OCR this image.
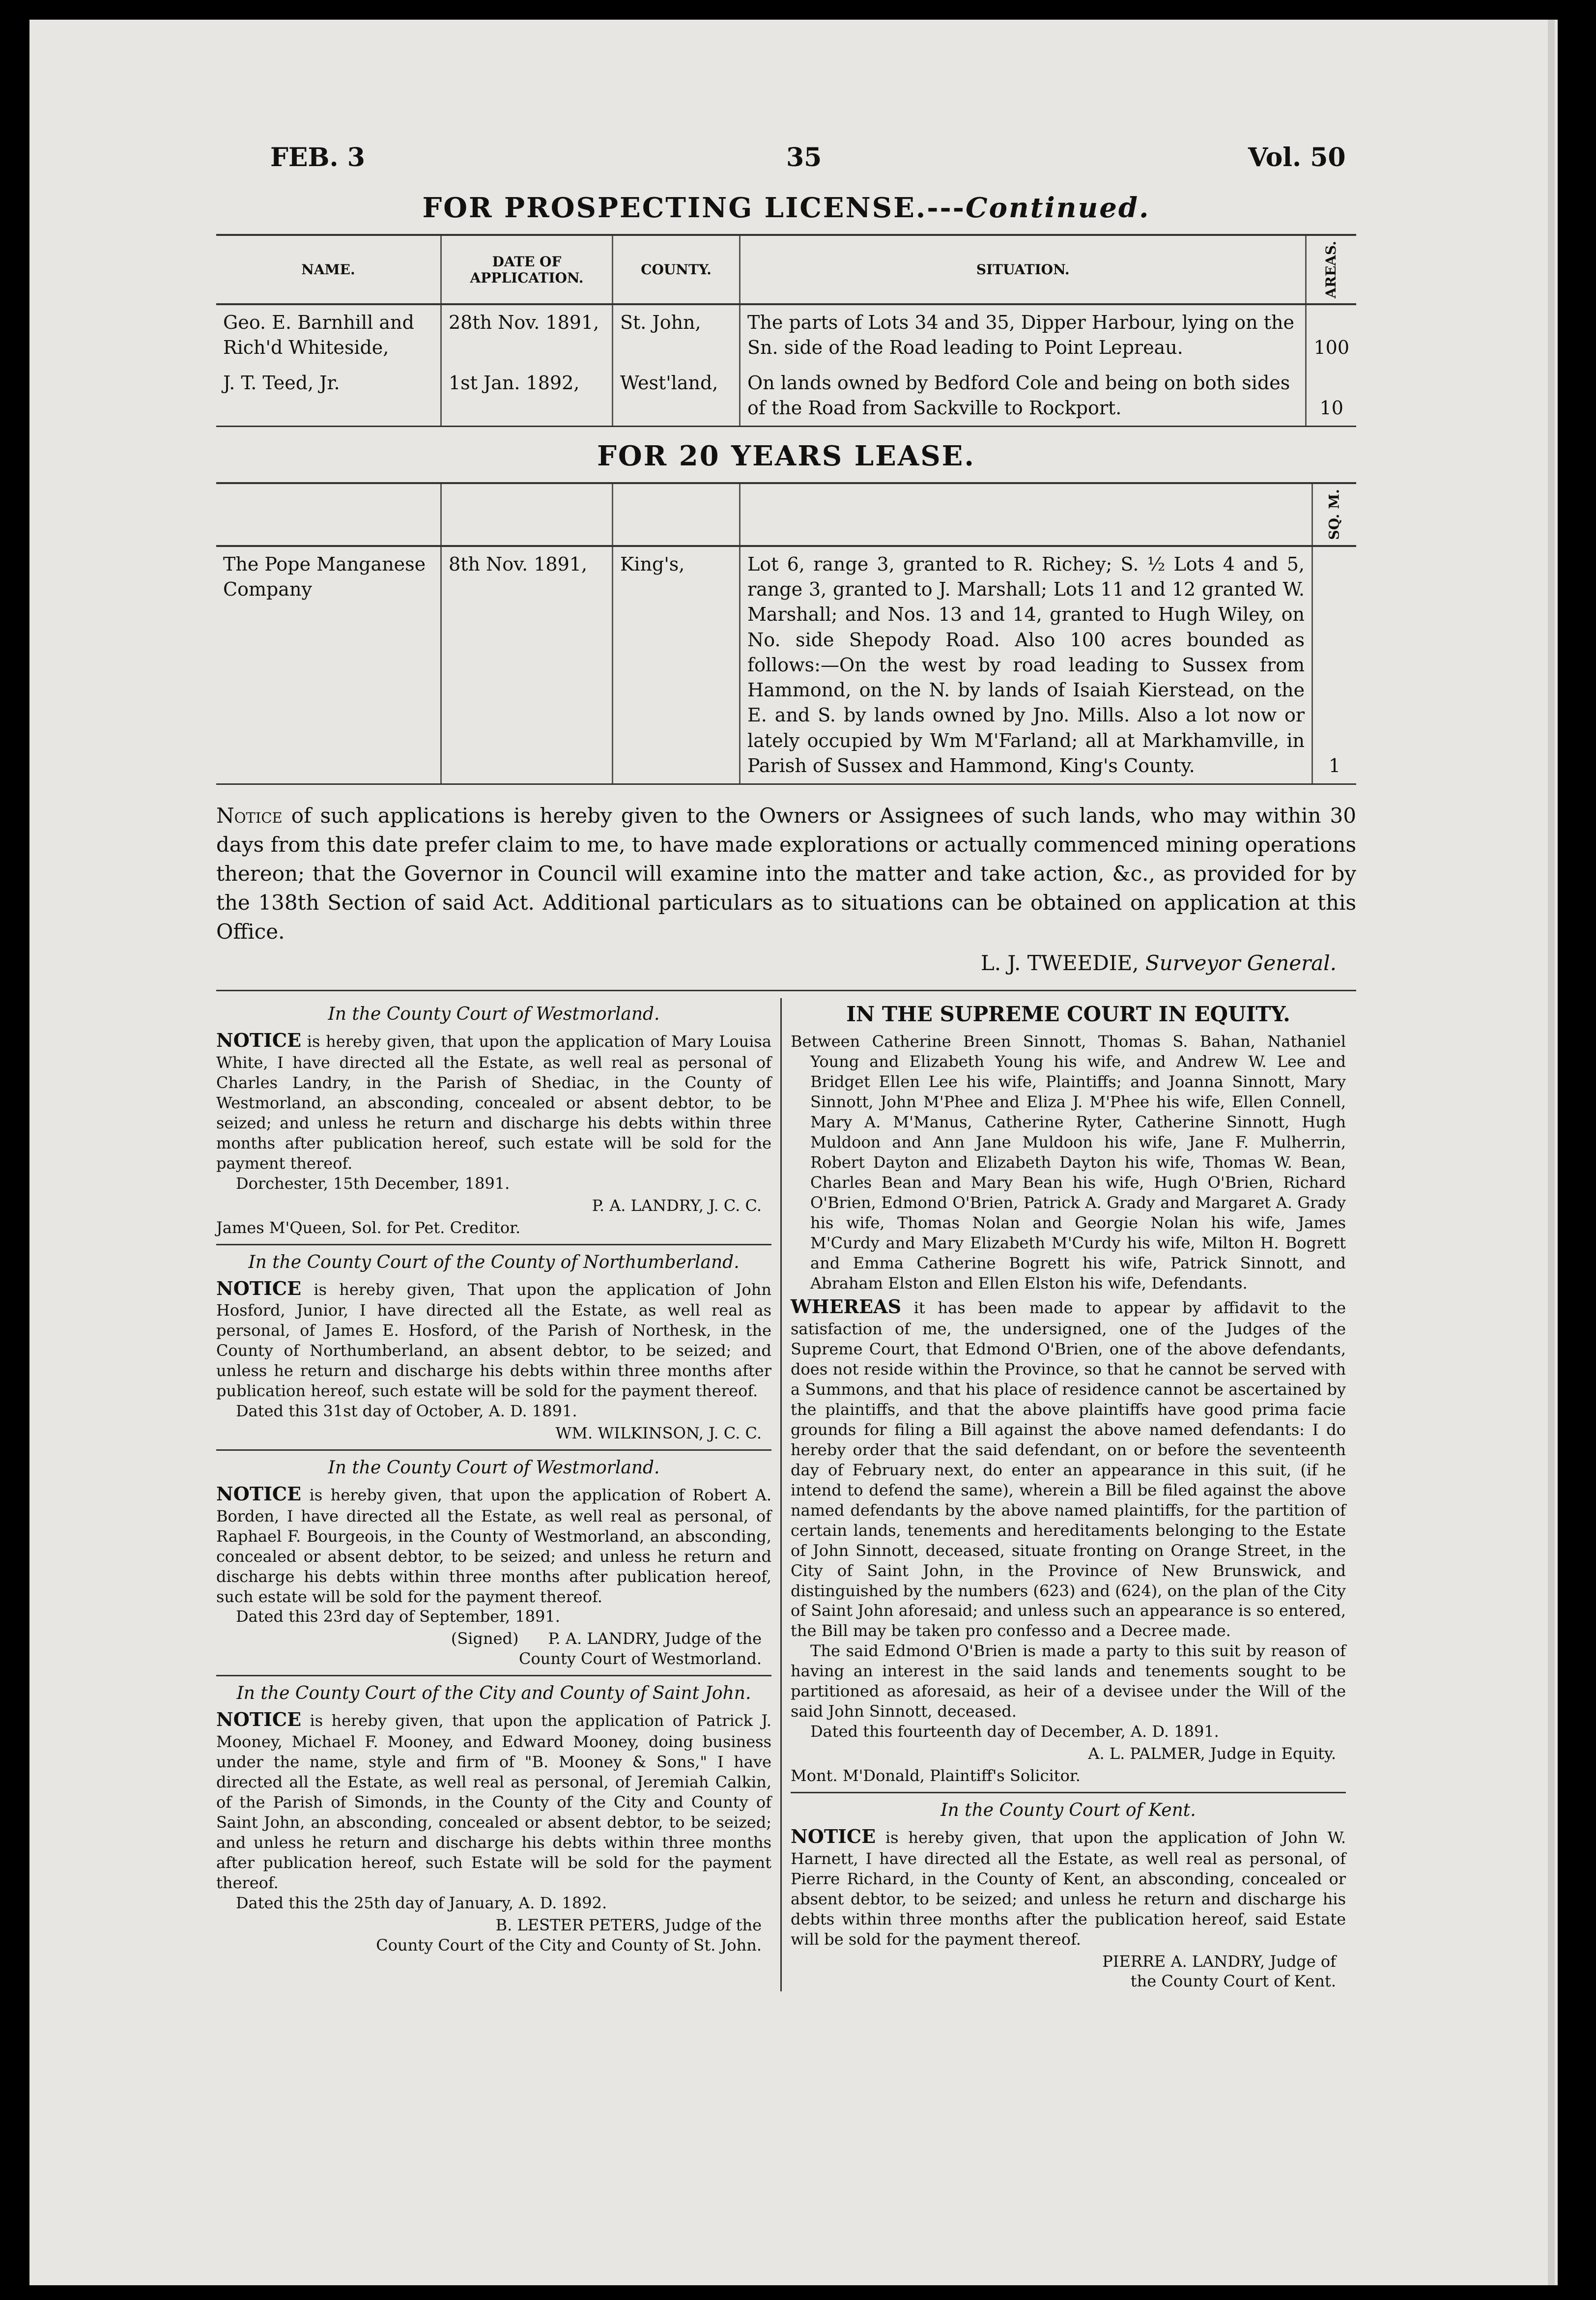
FEB. 3	35	Vol. 50
FOR PROSPECTING LICENSE.---Continued.
NAME.	DATE OF APPLICATION.	COUNTY.	SITUATION.	AREAS.
Geo. E. Barnhill and Rich'd Whiteside,	28th Nov. 1891,	St. John,	The parts of Lots 34 and 35, Dipper Harbour, lying on the Sn. side of the Road leading to Point Lepreau.	100
J. T. Teed, Jr.	1st Jan. 1892,	West'land,	On lands owned by Bedford Cole and being on both sides of the Road from Sackville to Rockport.	10
FOR 20 YEARS LEASE.
				SQ. M.
The Pope Manganese Company	8th Nov. 1891,	King's,	Lot 6, range 3, granted to R. Richey; S. ½ Lots 4 and 5, range 3, granted to J. Marshall; Lots 11 and 12 granted W. Marshall; and Nos. 13 and 14, granted to Hugh Wiley, on No. side Shepody Road. Also 100 acres bounded as follows:—On the west by road leading to Sussex from Hammond, on the N. by lands of Isaiah Kierstead, on the E. and S. by lands owned by Jno. Mills. Also a lot now or lately occupied by Wm M'Farland; all at Markhamville, in Parish of Sussex and Hammond, King's County.	1

Notice of such applications is hereby given to the Owners or Assignees of such lands, who may within 30 days from this date prefer claim to me, to have made explorations or actually commenced mining operations thereon; that the Governor in Council will examine into the matter and take action, &c., as provided for by the 138th Section of said Act. Additional particulars as to situations can be obtained on application at this Office.

L. J. TWEEDIE, Surveyor General.
In the County Court of Westmorland.

NOTICE is hereby given, that upon the application of Mary Louisa White, I have directed all the Estate, as well real as personal of Charles Landry, in the Parish of Shediac, in the County of Westmorland, an absconding, concealed or absent debtor, to be seized; and unless he return and discharge his debts within three months after publication hereof, such estate will be sold for the payment thereof.

Dorchester, 15th December, 1891.

P. A. LANDRY, J. C. C.

James M'Queen, Sol. for Pet. Creditor.

In the County Court of the County of Northumberland.

NOTICE is hereby given, That upon the application of John Hosford, Junior, I have directed all the Estate, as well real as personal, of James E. Hosford, of the Parish of Northesk, in the County of Northumberland, an absent debtor, to be seized; and unless he return and discharge his debts within three months after publication hereof, such estate will be sold for the payment thereof.

Dated this 31st day of October, A. D. 1891.

WM. WILKINSON, J. C. C.

In the County Court of Westmorland.

NOTICE is hereby given, that upon the application of Robert A. Borden, I have directed all the Estate, as well real as personal, of Raphael F. Bourgeois, in the County of Westmorland, an absconding, concealed or absent debtor, to be seized; and unless he return and discharge his debts within three months after publication hereof, such estate will be sold for the payment thereof.

Dated this 23rd day of September, 1891.

(Signed) P. A. LANDRY, Judge of the

County Court of Westmorland.

In the County Court of the City and County of Saint John.

NOTICE is hereby given, that upon the application of Patrick J. Mooney, Michael F. Mooney, and Edward Mooney, doing business under the name, style and firm of "B. Mooney & Sons," I have directed all the Estate, as well real as personal, of Jeremiah Calkin, of the Parish of Simonds, in the County of the City and County of Saint John, an absconding, concealed or absent debtor, to be seized; and unless he return and discharge his debts within three months after publication hereof, such Estate will be sold for the payment thereof.

Dated this the 25th day of January, A. D. 1892.

B. LESTER PETERS, Judge of the

County Court of the City and County of St. John.

IN THE SUPREME COURT IN EQUITY.

Between Catherine Breen Sinnott, Thomas S. Bahan, Nathaniel Young and Elizabeth Young his wife, and Andrew W. Lee and Bridget Ellen Lee his wife, Plaintiffs; and Joanna Sinnott, Mary Sinnott, John M'Phee and Eliza J. M'Phee his wife, Ellen Connell, Mary A. M'Manus, Catherine Ryter, Catherine Sinnott, Hugh Muldoon and Ann Jane Muldoon his wife, Jane F. Mulherrin, Robert Dayton and Elizabeth Dayton his wife, Thomas W. Bean, Charles Bean and Mary Bean his wife, Hugh O'Brien, Richard O'Brien, Edmond O'Brien, Patrick A. Grady and Margaret A. Grady his wife, Thomas Nolan and Georgie Nolan his wife, James M'Curdy and Mary Elizabeth M'Curdy his wife, Milton H. Bogrett and Emma Catherine Bogrett his wife, Patrick Sinnott, and Abraham Elston and Ellen Elston his wife, Defendants.

WHEREAS it has been made to appear by affidavit to the satisfaction of me, the undersigned, one of the Judges of the Supreme Court, that Edmond O'Brien, one of the above defendants, does not reside within the Province, so that he cannot be served with a Summons, and that his place of residence cannot be ascertained by the plaintiffs, and that the above plaintiffs have good prima facie grounds for filing a Bill against the above named defendants: I do hereby order that the said defendant, on or before the seventeenth day of February next, do enter an appearance in this suit, (if he intend to defend the same), wherein a Bill be filed against the above named defendants by the above named plaintiffs, for the partition of certain lands, tenements and hereditaments belonging to the Estate of John Sinnott, deceased, situate fronting on Orange Street, in the City of Saint John, in the Province of New Brunswick, and distinguished by the numbers (623) and (624), on the plan of the City of Saint John aforesaid; and unless such an appearance is so entered, the Bill may be taken pro confesso and a Decree made.

The said Edmond O'Brien is made a party to this suit by reason of having an interest in the said lands and tenements sought to be partitioned as aforesaid, as heir of a devisee under the Will of the said John Sinnott, deceased.

Dated this fourteenth day of December, A. D. 1891.

A. L. PALMER, Judge in Equity.

Mont. M'Donald, Plaintiff's Solicitor.

In the County Court of Kent.

NOTICE is hereby given, that upon the application of John W. Harnett, I have directed all the Estate, as well real as personal, of Pierre Richard, in the County of Kent, an absconding, concealed or absent debtor, to be seized; and unless he return and discharge his debts within three months after the publication hereof, said Estate will be sold for the payment thereof.

PIERRE A. LANDRY, Judge of

the County Court of Kent.
